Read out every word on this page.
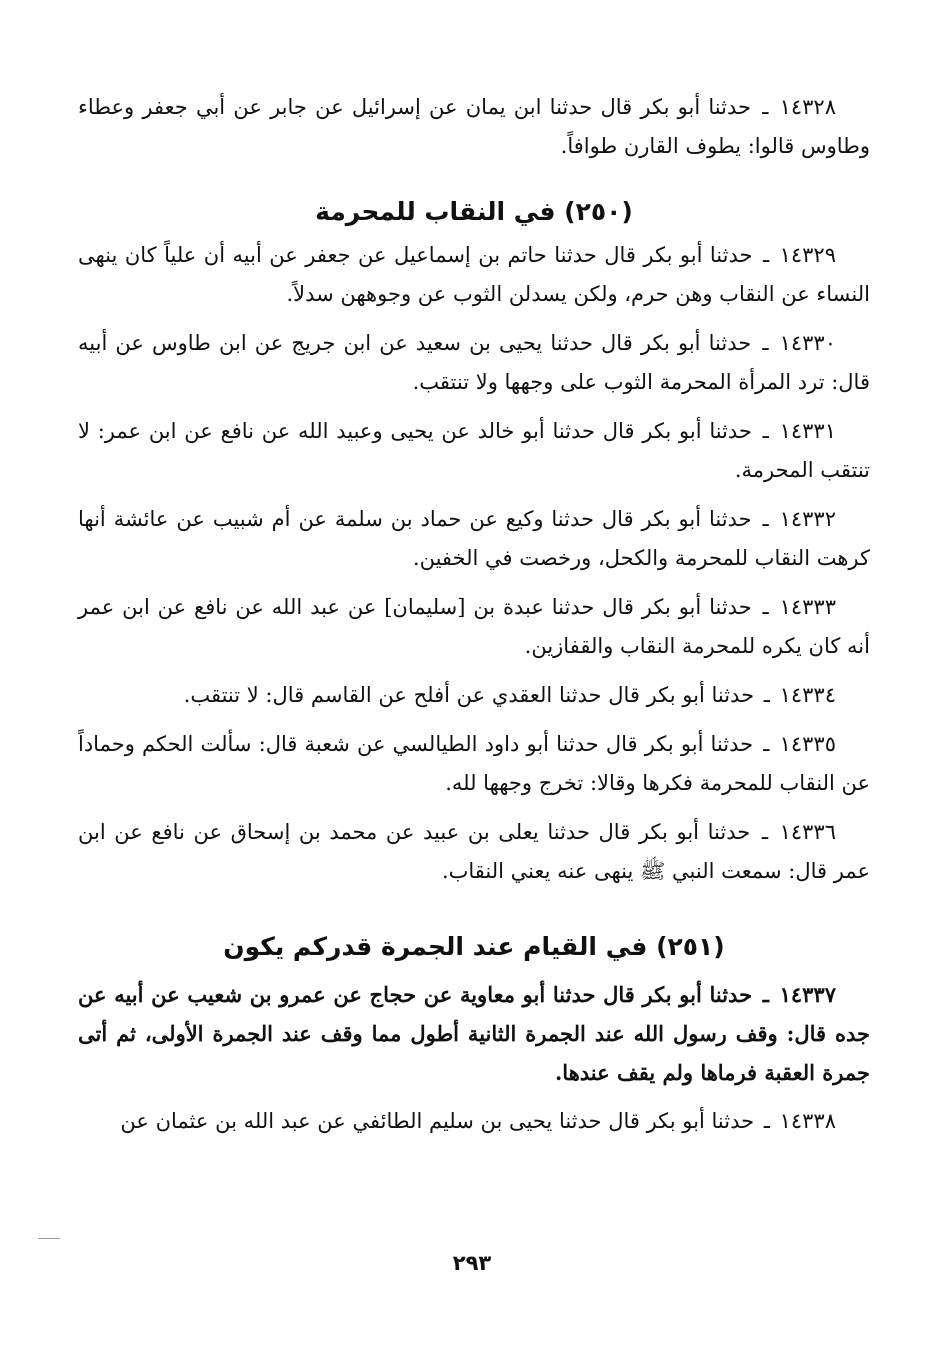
١٤٣٢٨ ـ حدثنا أبو بكر قال حدثنا ابن يمان عن إسرائيل عن جابر عن أبي جعفر وعطاء وطاوس قالوا: يطوف القارن طوافاً.

(٢٥٠) في النقاب للمحرمة

١٤٣٢٩ ـ حدثنا أبو بكر قال حدثنا حاتم بن إسماعيل عن جعفر عن أبيه أن علياً كان ينهى النساء عن النقاب وهن حرم، ولكن يسدلن الثوب عن وجوههن سدلاً.

١٤٣٣٠ ـ حدثنا أبو بكر قال حدثنا يحيى بن سعيد عن ابن جريج عن ابن طاوس عن أبيه قال: ترد المرأة المحرمة الثوب على وجهها ولا تنتقب.

١٤٣٣١ ـ حدثنا أبو بكر قال حدثنا أبو خالد عن يحيى وعبيد الله عن نافع عن ابن عمر: لا تنتقب المحرمة.

١٤٣٣٢ ـ حدثنا أبو بكر قال حدثنا وكيع عن حماد بن سلمة عن أم شبيب عن عائشة أنها كرهت النقاب للمحرمة والكحل، ورخصت في الخفين.

١٤٣٣٣ ـ حدثنا أبو بكر قال حدثنا عبدة بن [سليمان] عن عبد الله عن نافع عن ابن عمر أنه كان يكره للمحرمة النقاب والقفازين.

١٤٣٣٤ ـ حدثنا أبو بكر قال حدثنا العقدي عن أفلح عن القاسم قال: لا تنتقب.

١٤٣٣٥ ـ حدثنا أبو بكر قال حدثنا أبو داود الطيالسي عن شعبة قال: سألت الحكم وحماداً عن النقاب للمحرمة فكرها وقالا: تخرج وجهها لله.

١٤٣٣٦ ـ حدثنا أبو بكر قال حدثنا يعلى بن عبيد عن محمد بن إسحاق عن نافع عن ابن عمر قال: سمعت النبي ﷺ ينهى عنه يعني النقاب.

(٢٥١) في القيام عند الجمرة قدركم يكون

١٤٣٣٧ ـ حدثنا أبو بكر قال حدثنا أبو معاوية عن حجاج عن عمرو بن شعيب عن أبيه عن جده قال: وقف رسول الله عند الجمرة الثانية أطول مما وقف عند الجمرة الأولى، ثم أتى جمرة العقبة فرماها ولم يقف عندها.

١٤٣٣٨ ـ حدثنا أبو بكر قال حدثنا يحيى بن سليم الطائفي عن عبد الله بن عثمان عن

٢٩٣
